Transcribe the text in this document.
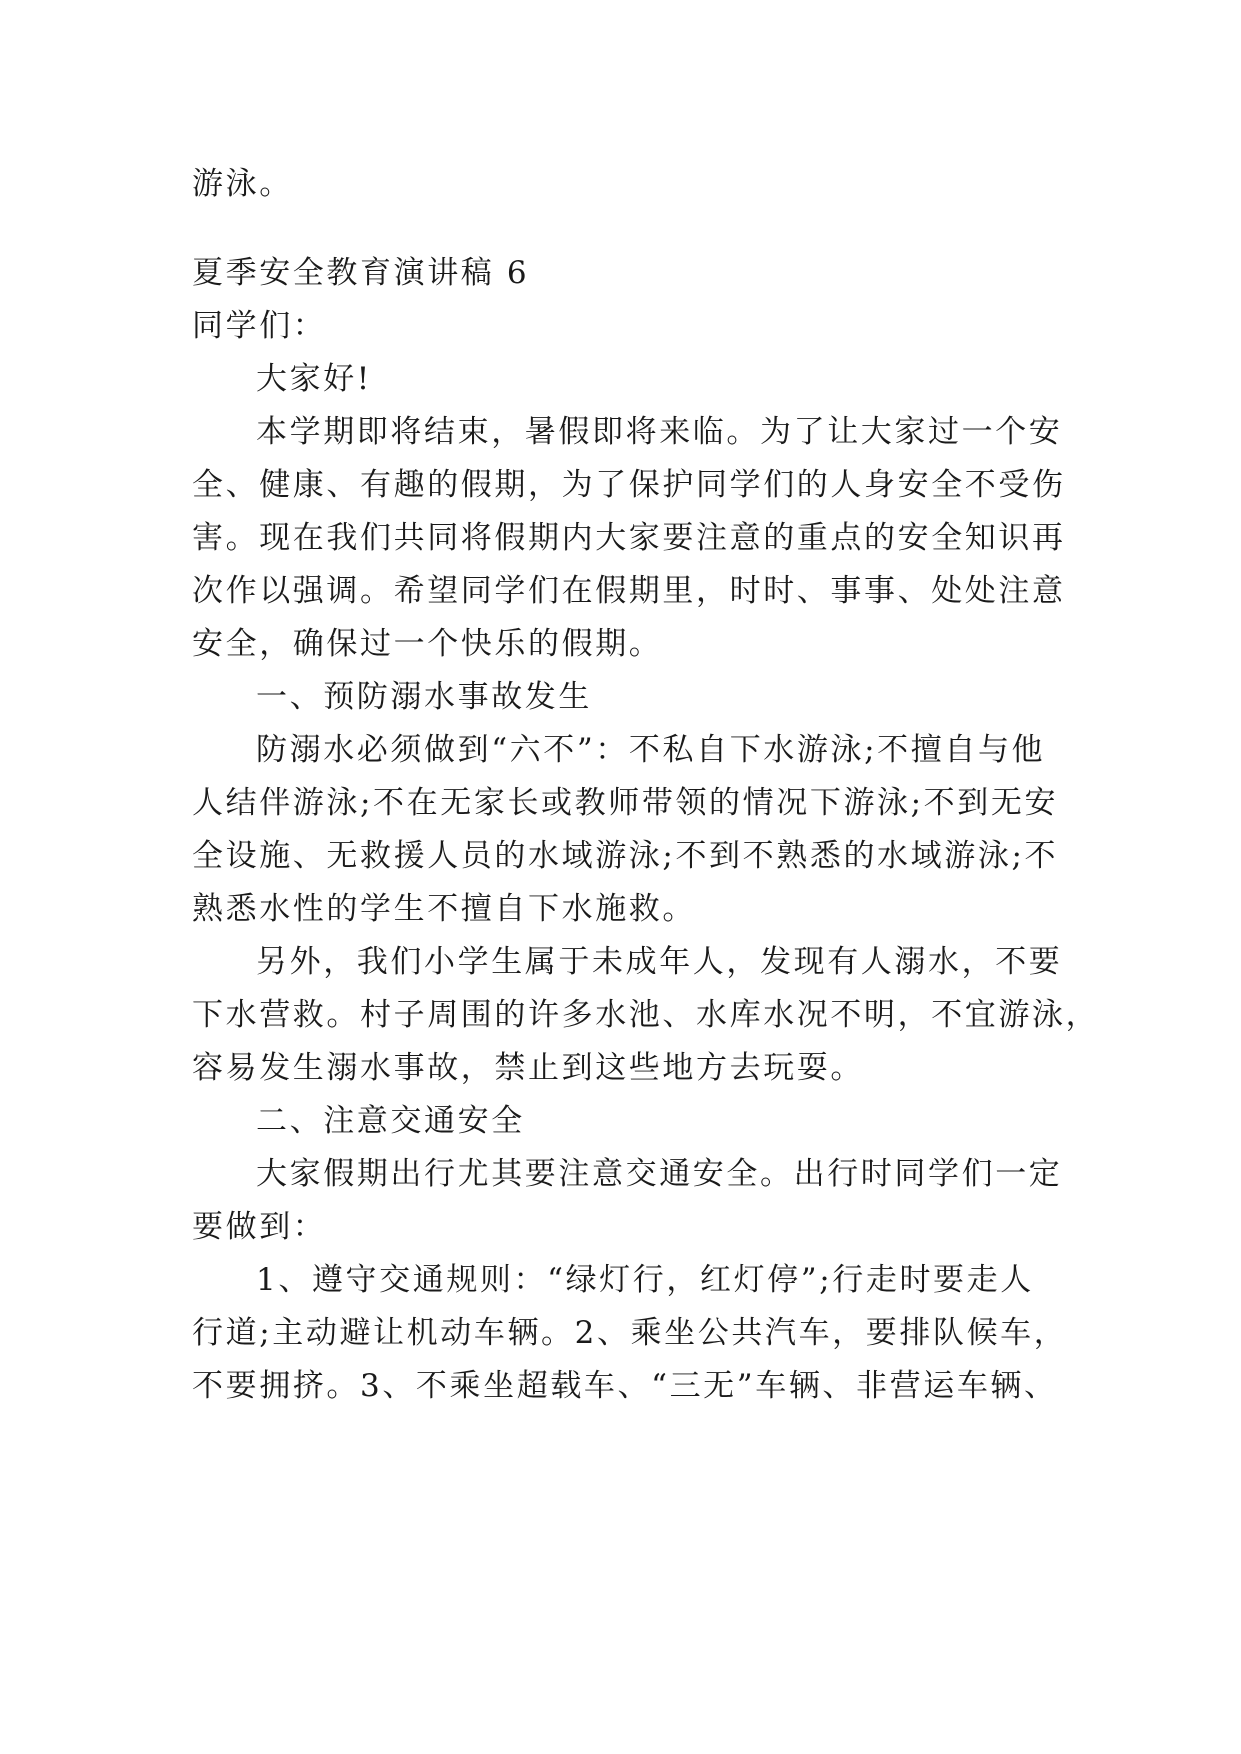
游泳。
夏季安全教育演讲稿 6
同学们：
大家好!
本学期即将结束，暑假即将来临。为了让大家过一个安
全、健康、有趣的假期，为了保护同学们的人身安全不受伤
害。现在我们共同将假期内大家要注意的重点的安全知识再
次作以强调。希望同学们在假期里，时时、事事、处处注意
安全，确保过一个快乐的假期。
一、预防溺水事故发生
防溺水必须做到“六不”：不私自下水游泳;不擅自与他
人结伴游泳;不在无家长或教师带领的情况下游泳;不到无安
全设施、无救援人员的水域游泳;不到不熟悉的水域游泳;不
熟悉水性的学生不擅自下水施救。
另外，我们小学生属于未成年人，发现有人溺水，不要
下水营救。村子周围的许多水池、水库水况不明，不宜游泳，
容易发生溺水事故，禁止到这些地方去玩耍。
二、注意交通安全
大家假期出行尤其要注意交通安全。出行时同学们一定
要做到：
1、遵守交通规则：“绿灯行，红灯停”;行走时要走人
行道;主动避让机动车辆。2、乘坐公共汽车，要排队候车，
不要拥挤。3、不乘坐超载车、“三无”车辆、非营运车辆、
